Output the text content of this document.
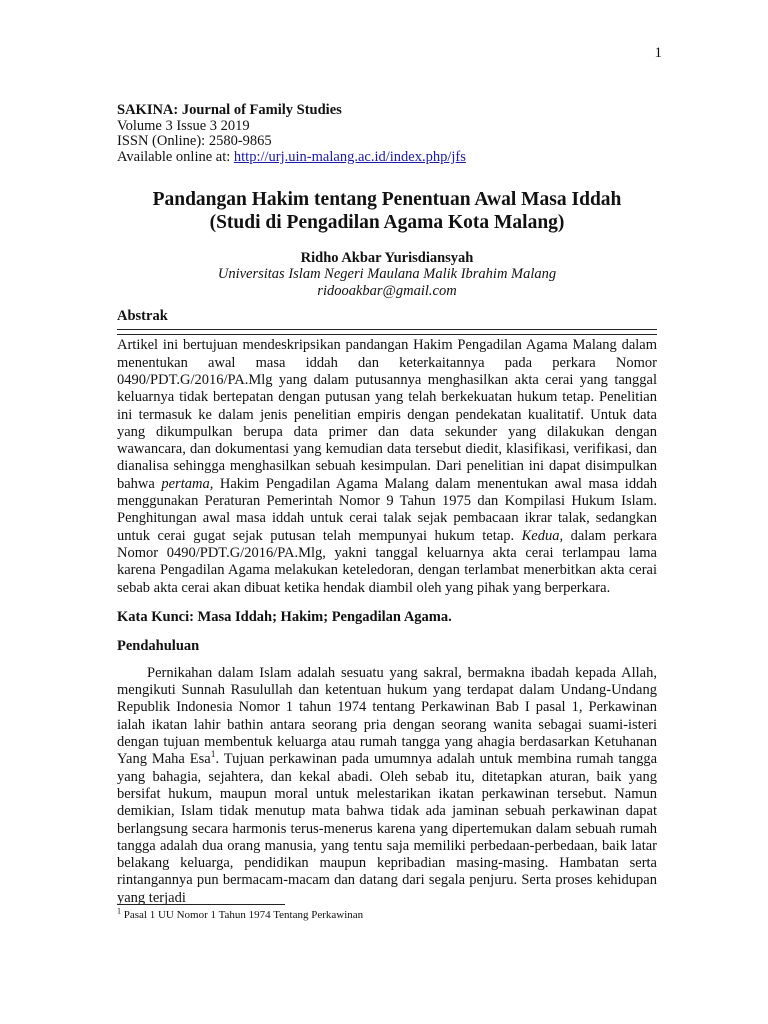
1
SAKINA: Journal of Family Studies
Volume 3 Issue 3 2019
ISSN (Online): 2580-9865
Available online at: http://urj.uin-malang.ac.id/index.php/jfs
Pandangan Hakim tentang Penentuan Awal Masa Iddah
(Studi di Pengadilan Agama Kota Malang)
Ridho Akbar Yurisdiansyah
Universitas Islam Negeri Maulana Malik Ibrahim Malang
ridooakbar@gmail.com
Abstrak
Artikel ini bertujuan mendeskripsikan pandangan Hakim Pengadilan Agama Malang dalam menentukan awal masa iddah dan keterkaitannya pada perkara Nomor 0490/PDT.G/2016/PA.Mlg yang dalam putusannya menghasilkan akta cerai yang tanggal keluarnya tidak bertepatan dengan putusan yang telah berkekuatan hukum tetap. Penelitian ini termasuk ke dalam jenis penelitian empiris dengan pendekatan kualitatif. Untuk data yang dikumpulkan berupa data primer dan data sekunder yang dilakukan dengan wawancara, dan dokumentasi yang kemudian data tersebut diedit, klasifikasi, verifikasi, dan dianalisa sehingga menghasilkan sebuah kesimpulan. Dari penelitian ini dapat disimpulkan bahwa pertama, Hakim Pengadilan Agama Malang dalam menentukan awal masa iddah menggunakan Peraturan Pemerintah Nomor 9 Tahun 1975 dan Kompilasi Hukum Islam. Penghitungan awal masa iddah untuk cerai talak sejak pembacaan ikrar talak, sedangkan untuk cerai gugat sejak putusan telah mempunyai hukum tetap. Kedua, dalam perkara Nomor 0490/PDT.G/2016/PA.Mlg, yakni tanggal keluarnya akta cerai terlampau lama karena Pengadilan Agama melakukan keteledoran, dengan terlambat menerbitkan akta cerai sebab akta cerai akan dibuat ketika hendak diambil oleh yang pihak yang berperkara.
Kata Kunci: Masa Iddah; Hakim; Pengadilan Agama.
Pendahuluan
Pernikahan dalam Islam adalah sesuatu yang sakral, bermakna ibadah kepada Allah, mengikuti Sunnah Rasulullah dan ketentuan hukum yang terdapat dalam Undang-Undang Republik Indonesia Nomor 1 tahun 1974 tentang Perkawinan Bab I pasal 1, Perkawinan ialah ikatan lahir bathin antara seorang pria dengan seorang wanita sebagai suami-isteri dengan tujuan membentuk keluarga atau rumah tangga yang ahagia berdasarkan Ketuhanan Yang Maha Esa$^1$. Tujuan perkawinan pada umumnya adalah untuk membina rumah tangga yang bahagia, sejahtera, dan kekal abadi. Oleh sebab itu, ditetapkan aturan, baik yang bersifat hukum, maupun moral untuk melestarikan ikatan perkawinan tersebut. Namun demikian, Islam tidak menutup mata bahwa tidak ada jaminan sebuah perkawinan dapat berlangsung secara harmonis terus-menerus karena yang dipertemukan dalam sebuah rumah tangga adalah dua orang manusia, yang tentu saja memiliki perbedaan-perbedaan, baik latar belakang keluarga, pendidikan maupun kepribadian masing-masing. Hambatan serta rintangannya pun bermacam-macam dan datang dari segala penjuru. Serta proses kehidupan yang terjadi
$^1$ Pasal 1 UU Nomor 1 Tahun 1974 Tentang Perkawinan
